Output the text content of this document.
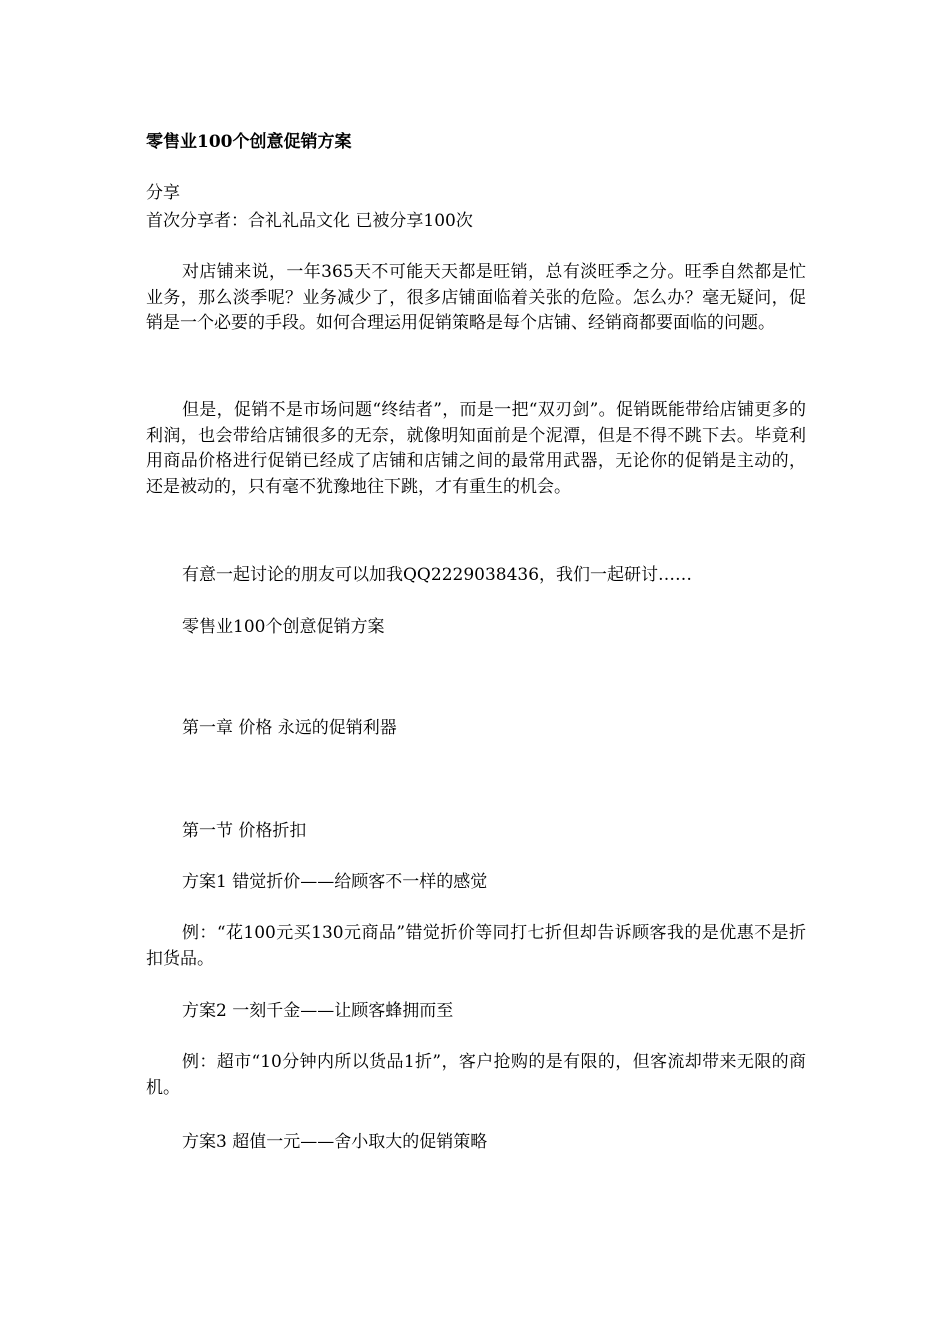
零售业100个创意促销方案
分享
首次分享者：合礼礼品文化 已被分享100次
对店铺来说，一年365天不可能天天都是旺销，总有淡旺季之分。旺季自然都是忙业务，那么淡季呢？业务减少了，很多店铺面临着关张的危险。怎么办？毫无疑问，促销是一个必要的手段。如何合理运用促销策略是每个店铺、经销商都要面临的问题。
但是，促销不是市场问题“终结者”，而是一把“双刃剑”。促销既能带给店铺更多的利润，也会带给店铺很多的无奈，就像明知面前是个泥潭，但是不得不跳下去。毕竟利用商品价格进行促销已经成了店铺和店铺之间的最常用武器，无论你的促销是主动的，还是被动的，只有毫不犹豫地往下跳，才有重生的机会。
有意一起讨论的朋友可以加我QQ2229038436，我们一起研讨……
零售业100个创意促销方案
第一章 价格 永远的促销利器
第一节 价格折扣
方案1 错觉折价——给顾客不一样的感觉
例：“花100元买130元商品”错觉折价等同打七折但却告诉顾客我的是优惠不是折扣货品。
方案2 一刻千金——让顾客蜂拥而至
例：超市“10分钟内所以货品1折”，客户抢购的是有限的，但客流却带来无限的商机。
方案3 超值一元——舍小取大的促销策略
